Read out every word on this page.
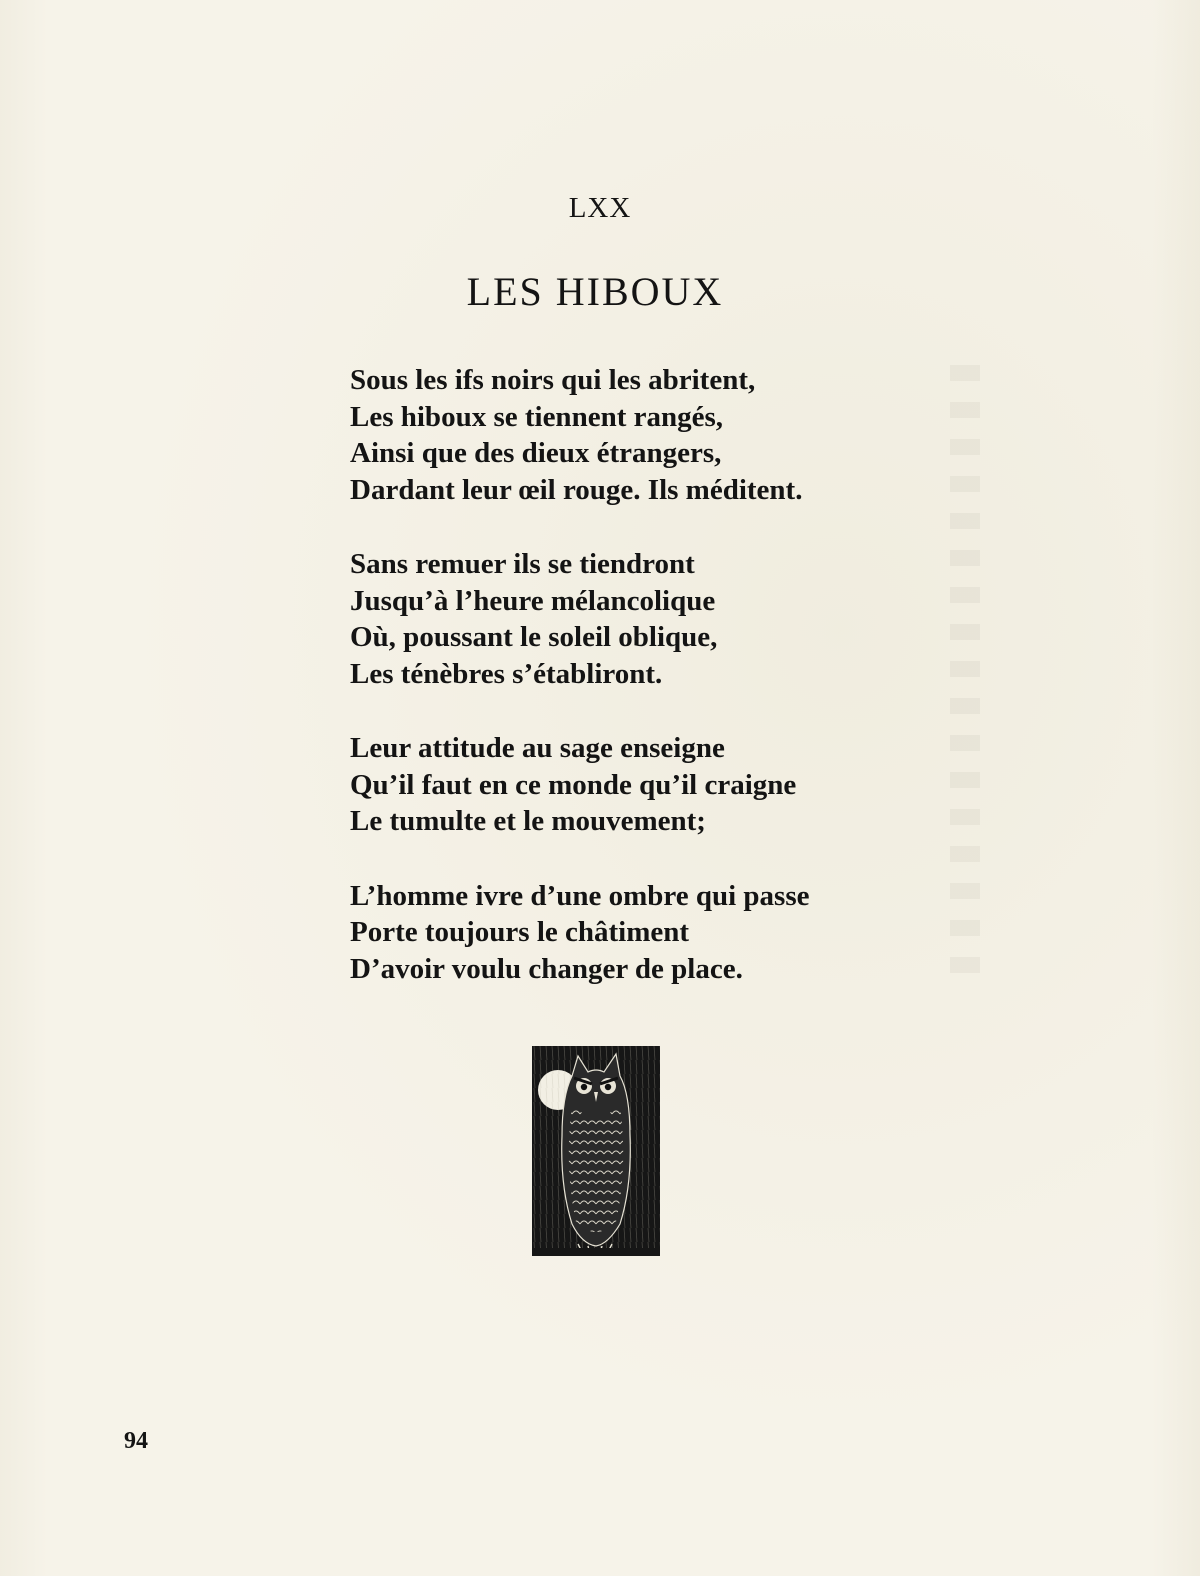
LXX
LES HIBOUX
Sous les ifs noirs qui les abritent,
Les hiboux se tiennent rangés,
Ainsi que des dieux étrangers,
Dardant leur œil rouge. Ils méditent.
Sans remuer ils se tiendront
Jusqu’à l’heure mélancolique
Où, poussant le soleil oblique,
Les ténèbres s’établiront.
Leur attitude au sage enseigne
Qu’il faut en ce monde qu’il craigne
Le tumulte et le mouvement;
L’homme ivre d’une ombre qui passe
Porte toujours le châtiment
D’avoir voulu changer de place.
94
